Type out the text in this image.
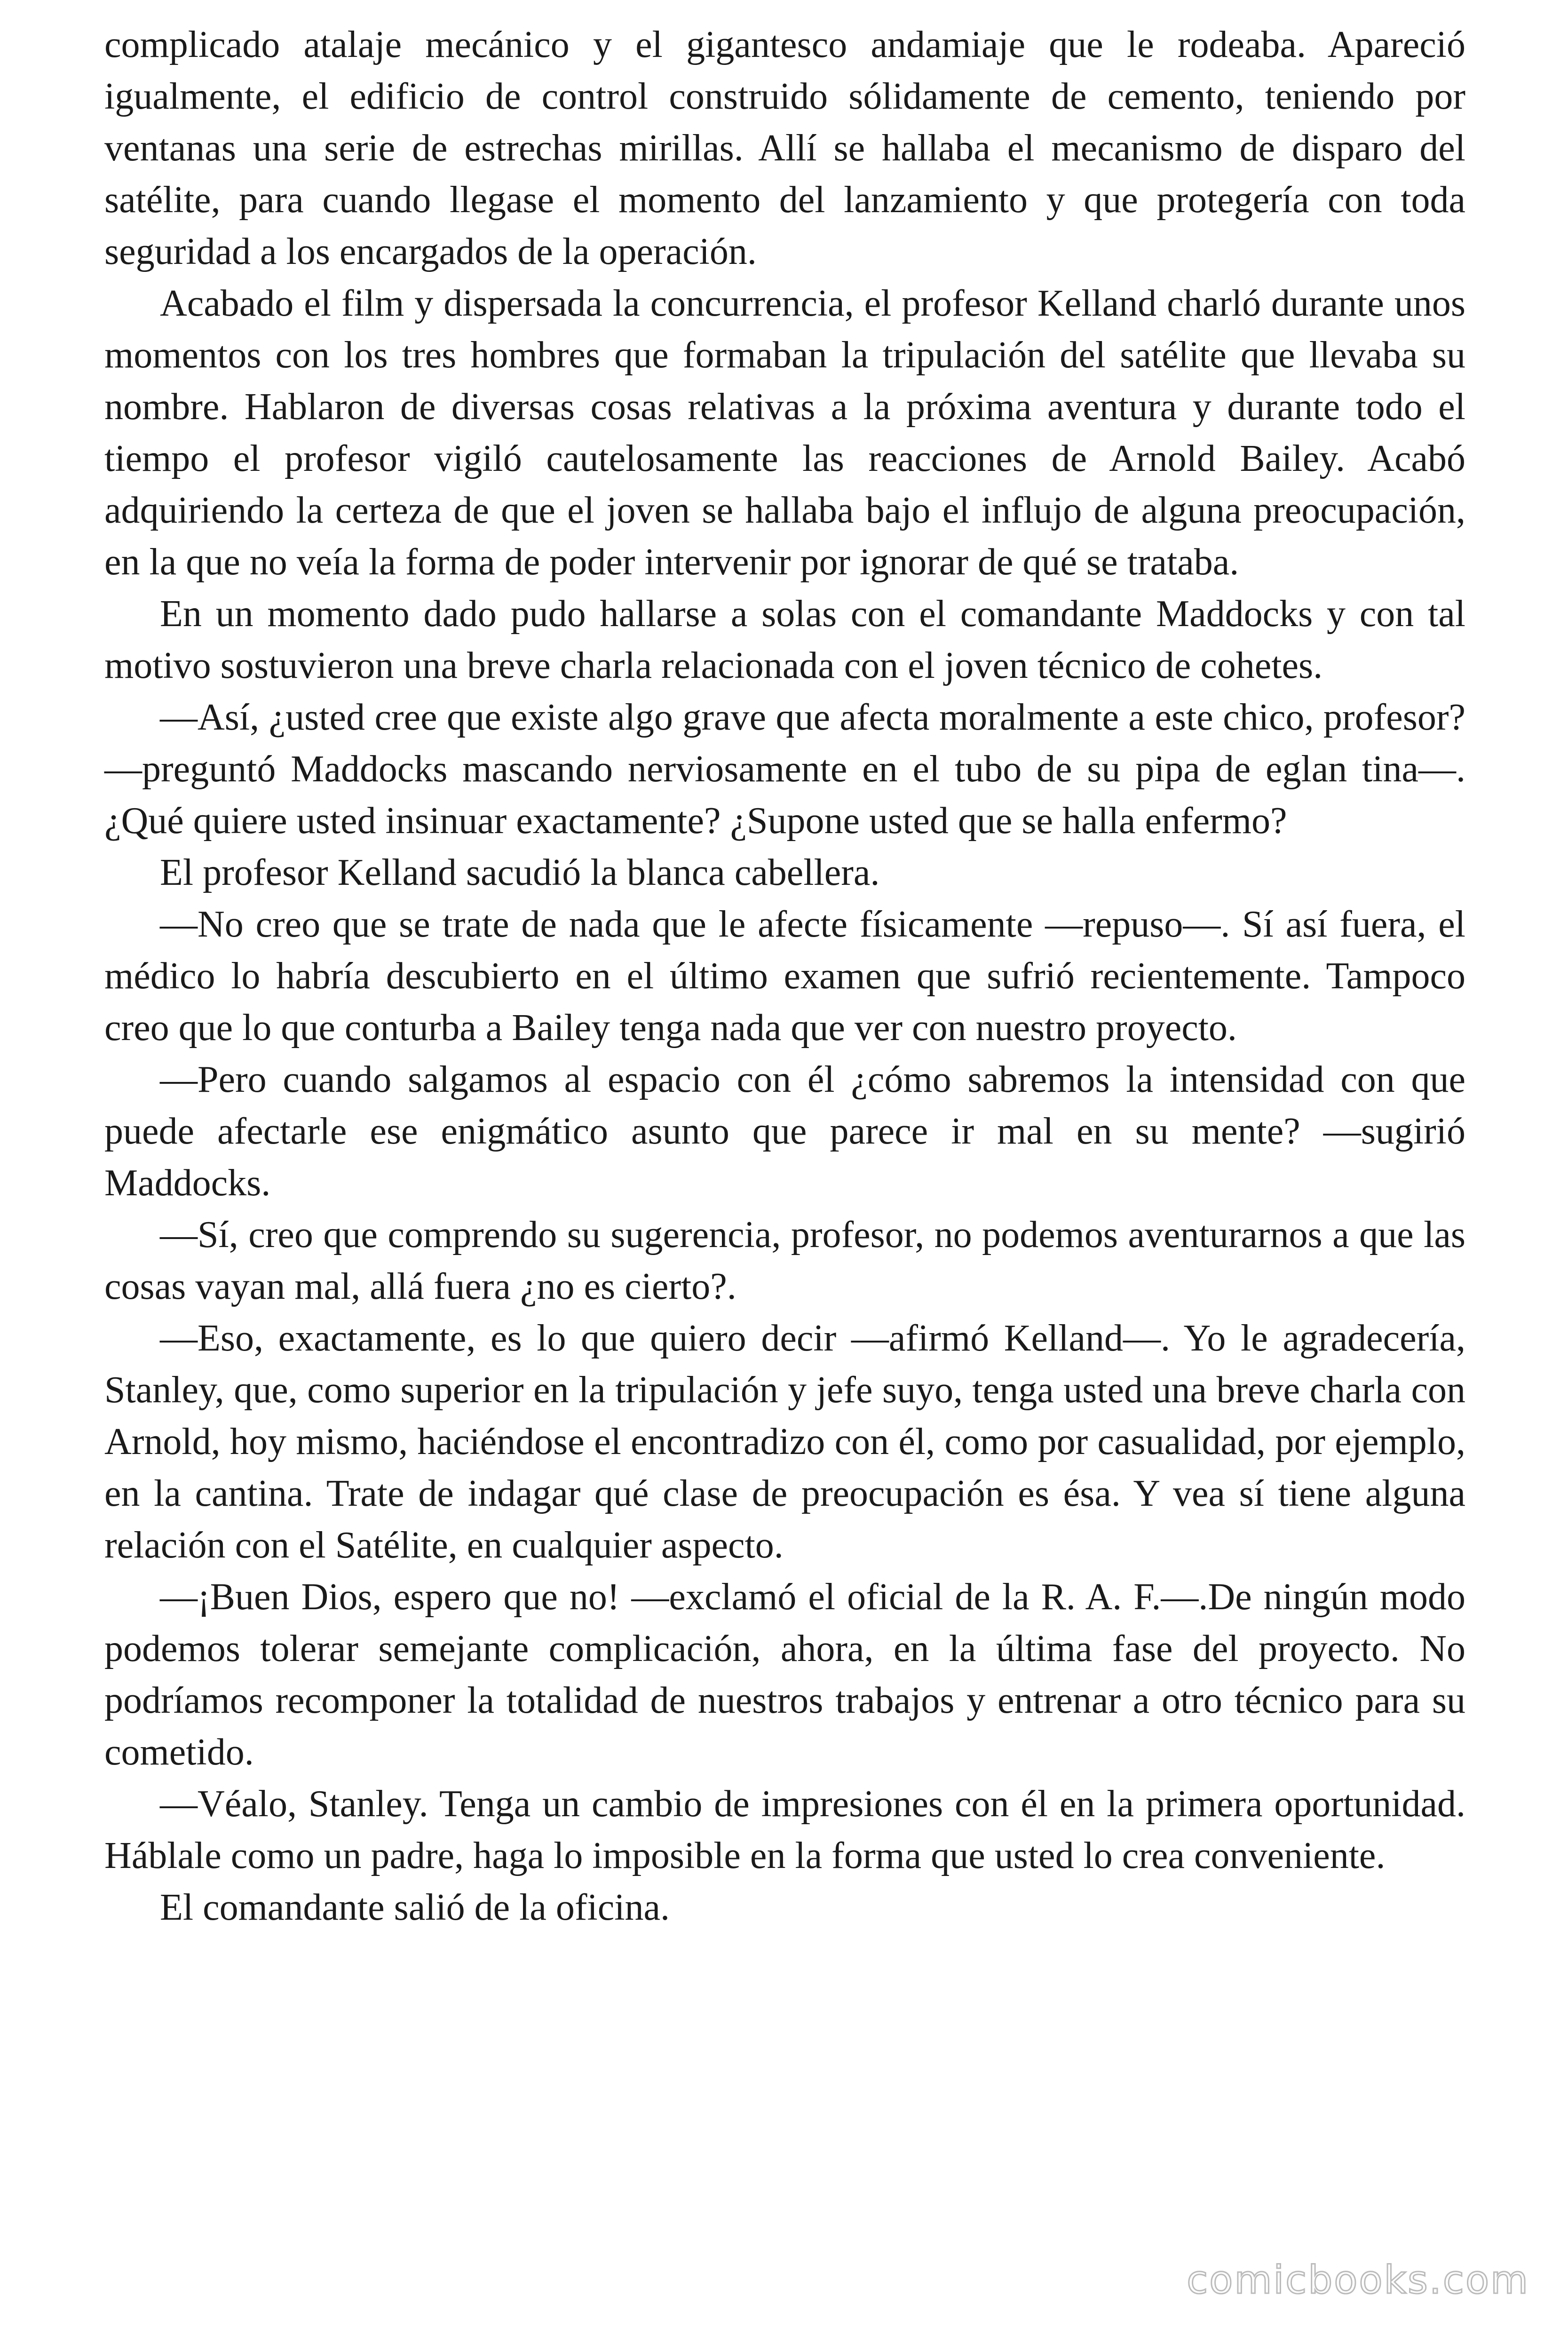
complicado atalaje mecánico y el gigantesco andamiaje que le rodeaba. Apareció igualmente, el edificio de control construido sólidamente de cemento, teniendo por ventanas una serie de estrechas mirillas. Allí se hallaba el mecanismo de disparo del satélite, para cuando llegase el momento del lanzamiento y que protegería con toda seguridad a los encargados de la operación.

Acabado el film y dispersada la concurrencia, el profesor Kelland charló durante unos momentos con los tres hombres que formaban la tripulación del satélite que llevaba su nombre. Hablaron de diversas cosas relativas a la próxima aventura y durante todo el tiempo el profesor vigiló cautelosamente las reacciones de Arnold Bailey. Acabó adquiriendo la certeza de que el joven se hallaba bajo el influjo de alguna preocupación, en la que no veía la forma de poder intervenir por ignorar de qué se trataba.

En un momento dado pudo hallarse a solas con el comandante Maddocks y con tal motivo sostuvieron una breve charla relacionada con el joven técnico de cohetes.

—Así, ¿usted cree que existe algo grave que afecta moralmente a este chico, profesor? —preguntó Maddocks mascando nerviosamente en el tubo de su pipa de eglan tina—. ¿Qué quiere usted insinuar exactamente? ¿Supone usted que se halla enfermo?

El profesor Kelland sacudió la blanca cabellera.

—No creo que se trate de nada que le afecte físicamente —repuso—. Sí así fuera, el médico lo habría descubierto en el último examen que sufrió recientemente. Tampoco creo que lo que conturba a Bailey tenga nada que ver con nuestro proyecto.

—Pero cuando salgamos al espacio con él ¿cómo sabremos la intensidad con que puede afectarle ese enigmático asunto que parece ir mal en su mente? —sugirió Maddocks.

—Sí, creo que comprendo su sugerencia, profesor, no podemos aventurarnos a que las cosas vayan mal, allá fuera ¿no es cierto?.

—Eso, exactamente, es lo que quiero decir —afirmó Kelland—. Yo le agradecería, Stanley, que, como superior en la tripulación y jefe suyo, tenga usted una breve charla con Arnold, hoy mismo, haciéndose el encontradizo con él, como por casualidad, por ejemplo, en la cantina. Trate de indagar qué clase de preocupación es ésa. Y vea sí tiene alguna relación con el Satélite, en cualquier aspecto.

—¡Buen Dios, espero que no! —exclamó el oficial de la R. A. F.—.De ningún modo podemos tolerar semejante complicación, ahora, en la última fase del proyecto. No podríamos recomponer la totalidad de nuestros trabajos y entrenar a otro técnico para su cometido.

—Véalo, Stanley. Tenga un cambio de impresiones con él en la primera oportunidad. Háblale como un padre, haga lo imposible en la forma que usted lo crea conveniente.

El comandante salió de la oficina.

comicbooks.com
